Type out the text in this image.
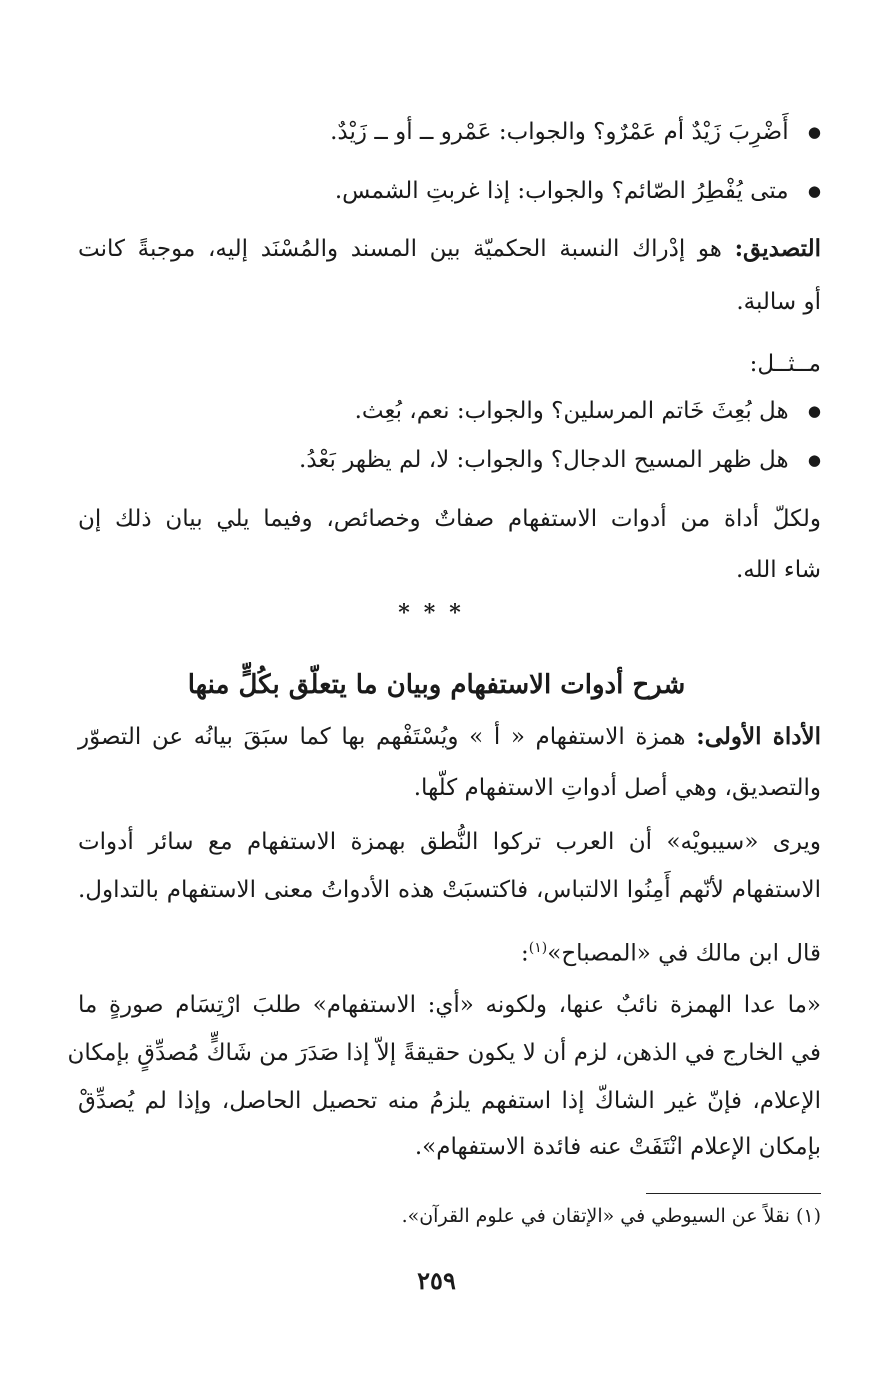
● أَضْرِبَ زَيْدٌ أم عَمْرٌو؟ والجواب: عَمْرو ــ أو ــ زَيْدٌ.
● متى يُفْطِرُ الصّائم؟ والجواب: إذا غربتِ الشمس.
التصديق: هو إدْراك النسبة الحكميّة بين المسند والمُسْنَد إليه، موجبةً كانت
أو سالبة.
مــثــل:
● هل بُعِثَ خَاتم المرسلين؟ والجواب: نعم، بُعِث.
● هل ظهر المسيح الدجال؟ والجواب: لا، لم يظهر بَعْدُ.
ولكلّ أداة من أدوات الاستفهام صفاتٌ وخصائص، وفيما يلي بيان ذلك إن
شاء الله.
***
شرح أدوات الاستفهام وبيان ما يتعلّق بكُلٍّ منها
الأداة الأولى: همزة الاستفهام « أ » ويُسْتَفْهم بها كما سبَقَ بيانُه عن التصوّر
والتصديق، وهي أصل أدواتِ الاستفهام كلّها.
ويرى «سيبويْه» أن العرب تركوا النُّطق بهمزة الاستفهام مع سائر أدوات
الاستفهام لأنّهم أَمِنُوا الالتباس، فاكتسبَتْ هذه الأدواتُ معنى الاستفهام بالتداول.
قال ابن مالك في «المصباح»$^{(١)}$:
«ما عدا الهمزة نائبٌ عنها، ولكونه «أي: الاستفهام» طلبَ ارْتِسَام صورةٍ ما
في الخارج في الذهن، لزم أن لا يكون حقيقةً إلاّ إذا صَدَرَ من شَاكٍّ مُصدِّقٍ بإمكان
الإعلام، فإنّ غير الشاكّ إذا استفهم يلزمُ منه تحصيل الحاصل، وإذا لم يُصدِّقْ
بإمكان الإعلام انْتَفَتْ عنه فائدة الاستفهام».
(١) نقلاً عن السيوطي في «الإتقان في علوم القرآن».
٢٥٩
